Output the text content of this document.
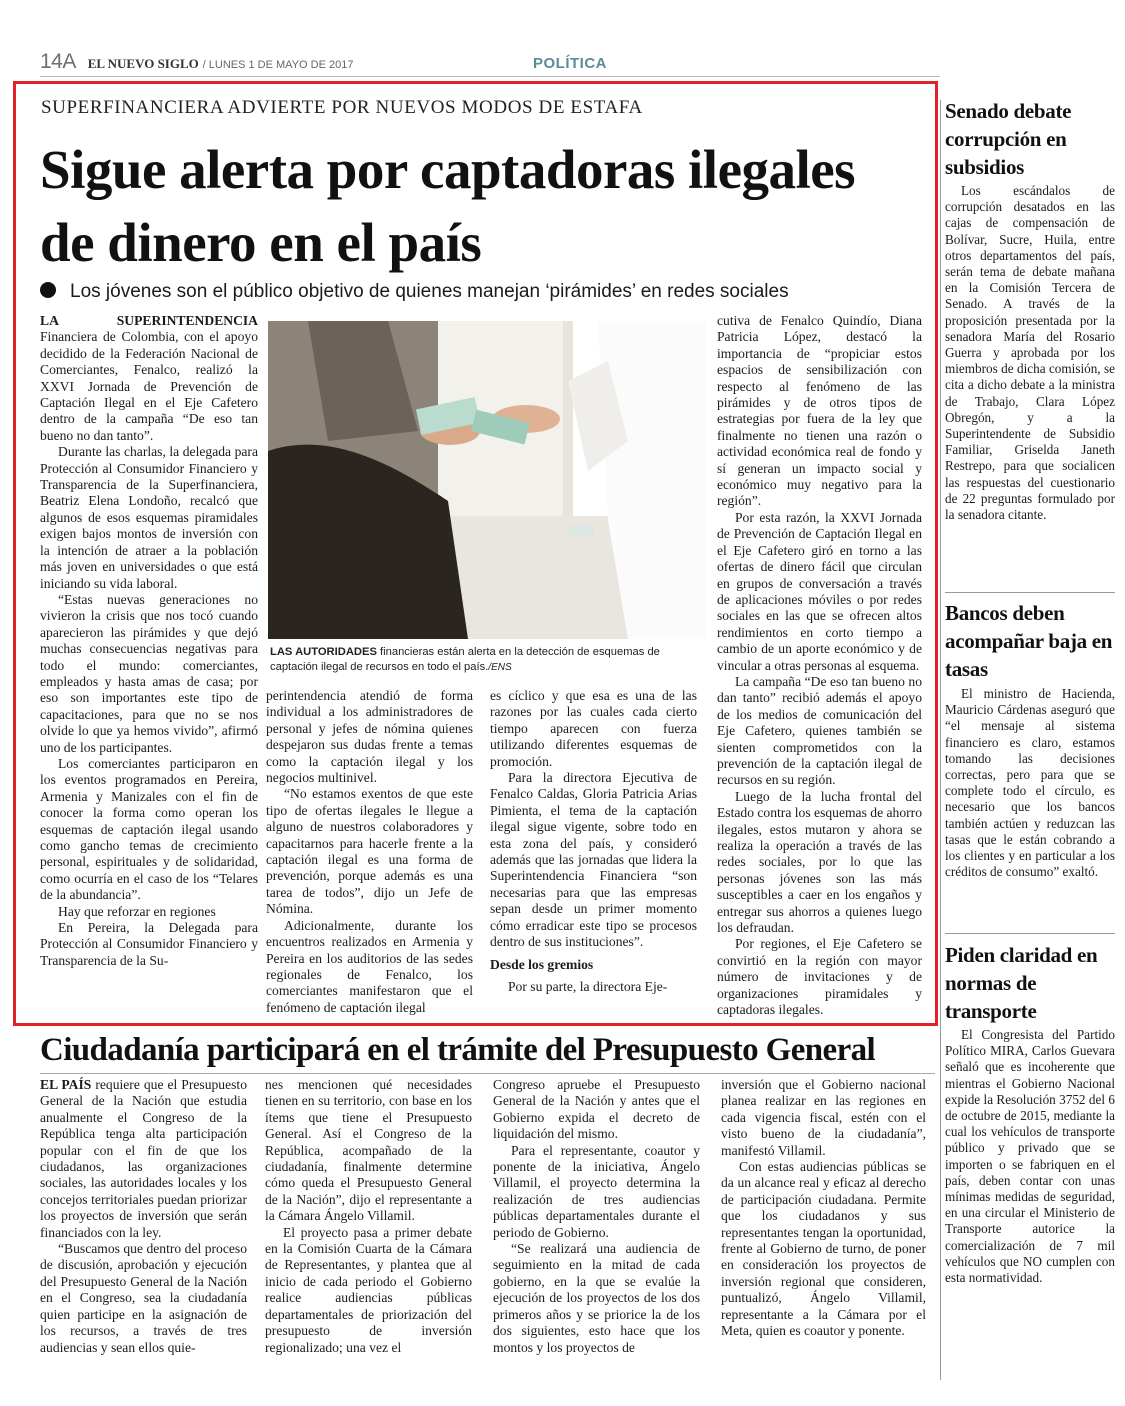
14A EL NUEVO SIGLO / LUNES 1 DE MAYO DE 2017	POLÍTICA
SUPERFINANCIERA ADVIERTE POR NUEVOS MODOS DE ESTAFA
Sigue alerta por captadoras ilegales de dinero en el país
Los jóvenes son el público objetivo de quienes manejan ‘pirámides’ en redes sociales

LA SUPERINTENDENCIA Financiera de Colombia, con el apoyo decidido de la Federación Nacional de Comerciantes, Fenalco, realizó la XXVI Jornada de Prevención de Captación Ilegal en el Eje Cafetero dentro de la campaña “De eso tan bueno no dan tanto”.

Durante las charlas, la delegada para Protección al Consumidor Financiero y Transparencia de la Superfinanciera, Beatriz Elena Londoño, recalcó que algunos de esos esquemas piramidales exigen bajos montos de inversión con la intención de atraer a la población más joven en universidades o que está iniciando su vida laboral.

“Estas nuevas generaciones no vivieron la crisis que nos tocó cuando aparecieron las pirámides y que dejó muchas consecuencias negativas para todo el mundo: comerciantes, empleados y hasta amas de casa; por eso son importantes este tipo de capacitaciones, para que no se nos olvide lo que ya hemos vivido”, afirmó uno de los participantes.

Los comerciantes participaron en los eventos programados en Pereira, Armenia y Manizales con el fin de conocer la forma como operan los esquemas de captación ilegal usando como gancho temas de crecimiento personal, espirituales y de solidaridad, como ocurría en el caso de los “Telares de la abundancia”.

Hay que reforzar en regiones

En Pereira, la Delegada para Protección al Consumidor Financiero y Transparencia de la Su-

LAS AUTORIDADES financieras están alerta en la detección de esquemas de captación ilegal de recursos en todo el país./ENS

perintendencia atendió de forma individual a los administradores de personal y jefes de nómina quienes despejaron sus dudas frente a temas como la captación ilegal y los negocios multinivel.

“No estamos exentos de que este tipo de ofertas ilegales le llegue a alguno de nuestros colaboradores y capacitarnos para hacerle frente a la captación ilegal es una forma de prevención, porque además es una tarea de todos”, dijo un Jefe de Nómina.

Adicionalmente, durante los encuentros realizados en Armenia y Pereira en los auditorios de las sedes regionales de Fenalco, los comerciantes manifestaron que el fenómeno de captación ilegal

es cíclico y que esa es una de las razones por las cuales cada cierto tiempo aparecen con fuerza utilizando diferentes esquemas de promoción.

Para la directora Ejecutiva de Fenalco Caldas, Gloria Patricia Arias Pimienta, el tema de la captación ilegal sigue vigente, sobre todo en esta zona del país, y consideró además que las jornadas que lidera la Superintendencia Financiera “son necesarias para que las empresas sepan desde un primer momento cómo erradicar este tipo se procesos dentro de sus instituciones”.

Desde los gremios

Por su parte, la directora Eje-

cutiva de Fenalco Quindío, Diana Patricia López, destacó la importancia de “propiciar estos espacios de sensibilización con respecto al fenómeno de las pirámides y de otros tipos de estrategias por fuera de la ley que finalmente no tienen una razón o actividad económica real de fondo y sí generan un impacto social y económico muy negativo para la región”.

Por esta razón, la XXVI Jornada de Prevención de Captación Ilegal en el Eje Cafetero giró en torno a las ofertas de dinero fácil que circulan en grupos de conversación a través de aplicaciones móviles o por redes sociales en las que se ofrecen altos rendimientos en corto tiempo a cambio de un aporte económico y de vincular a otras personas al esquema.

La campaña “De eso tan bueno no dan tanto” recibió además el apoyo de los medios de comunicación del Eje Cafetero, quienes también se sienten comprometidos con la prevención de la captación ilegal de recursos en su región.

Luego de la lucha frontal del Estado contra los esquemas de ahorro ilegales, estos mutaron y ahora se realiza la operación a través de las redes sociales, por lo que las personas jóvenes son las más susceptibles a caer en los engaños y entregar sus ahorros a quienes luego los defraudan.

Por regiones, el Eje Cafetero se convirtió en la región con mayor número de invitaciones y de organizaciones piramidales y captadoras ilegales.

Senado debate corrupción en subsidios

Los escándalos de corrupción desatados en las cajas de compensación de Bolívar, Sucre, Huila, entre otros departamentos del país, serán tema de debate mañana en la Comisión Tercera de Senado. A través de la proposición presentada por la senadora María del Rosario Guerra y aprobada por los miembros de dicha comisión, se cita a dicho debate a la ministra de Trabajo, Clara López Obregón, y a la Superintendente de Subsidio Familiar, Griselda Janeth Restrepo, para que socialicen las respuestas del cuestionario de 22 preguntas formulado por la senadora citante.

Bancos deben acompañar baja en tasas

El ministro de Hacienda, Mauricio Cárdenas aseguró que “el mensaje al sistema financiero es claro, estamos tomando las decisiones correctas, pero para que se complete todo el círculo, es necesario que los bancos también actúen y reduzcan las tasas que le están cobrando a los clientes y en particular a los créditos de consumo” exaltó.

Piden claridad en normas de transporte

El Congresista del Partido Político MIRA, Carlos Guevara señaló que es incoherente que mientras el Gobierno Nacional expide la Resolución 3752 del 6 de octubre de 2015, mediante la cual los vehículos de transporte público y privado que se importen o se fabriquen en el país, deben contar con unas mínimas medidas de seguridad, en una circular el Ministerio de Transporte autorice la comercialización de 7 mil vehículos que NO cumplen con esta normatividad.

Ciudadanía participará en el trámite del Presupuesto General

EL PAÍS requiere que el Presupuesto General de la Nación que estudia anualmente el Congreso de la República tenga alta participación popular con el fin de que los ciudadanos, las organizaciones sociales, las autoridades locales y los concejos territoriales puedan priorizar los proyectos de inversión que serán financiados con la ley.

“Buscamos que dentro del proceso de discusión, aprobación y ejecución del Presupuesto General de la Nación en el Congreso, sea la ciudadanía quien participe en la asignación de los recursos, a través de tres audiencias y sean ellos quie-

nes mencionen qué necesidades tienen en su territorio, con base en los ítems que tiene el Presupuesto General. Así el Congreso de la República, acompañado de la ciudadanía, finalmente determine cómo queda el Presupuesto General de la Nación”, dijo el representante a la Cámara Ángelo Villamil.

El proyecto pasa a primer debate en la Comisión Cuarta de la Cámara de Representantes, y plantea que al inicio de cada periodo el Gobierno realice audiencias públicas departamentales de priorización del presupuesto de inversión regionalizado; una vez el

Congreso apruebe el Presupuesto General de la Nación y antes que el Gobierno expida el decreto de liquidación del mismo.

Para el representante, coautor y ponente de la iniciativa, Ángelo Villamil, el proyecto determina la realización de tres audiencias públicas departamentales durante el periodo de Gobierno.

“Se realizará una audiencia de seguimiento en la mitad de cada gobierno, en la que se evalúe la ejecución de los proyectos de los dos primeros años y se priorice la de los dos siguientes, esto hace que los montos y los proyectos de

inversión que el Gobierno nacional planea realizar en las regiones en cada vigencia fiscal, estén con el visto bueno de la ciudadanía”, manifestó Villamil.

Con estas audiencias públicas se da un alcance real y eficaz al derecho de participación ciudadana. Permite que los ciudadanos y sus representantes tengan la oportunidad, frente al Gobierno de turno, de poner en consideración los proyectos de inversión regional que consideren, puntualizó, Ángelo Villamil, representante a la Cámara por el Meta, quien es coautor y ponente.
